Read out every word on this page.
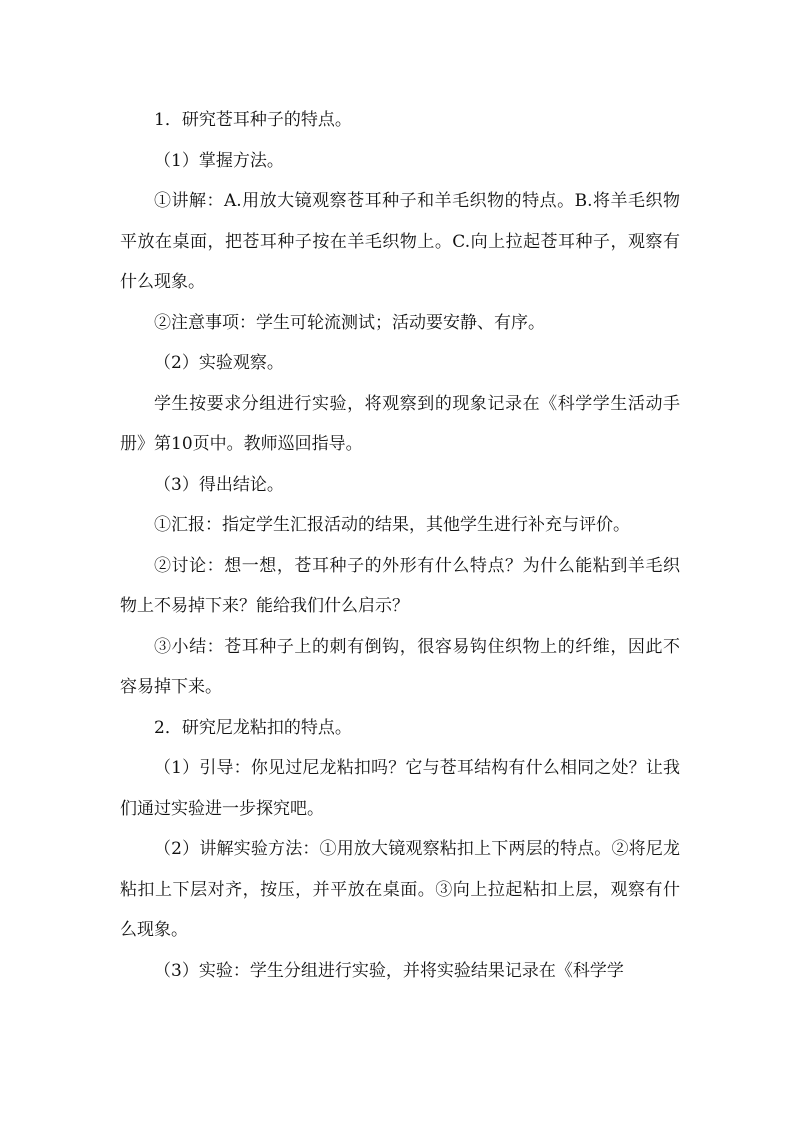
1．研究苍耳种子的特点。

（1）掌握方法。

①讲解：A.用放大镜观察苍耳种子和羊毛织物的特点。B.将羊毛织物平放在桌面，把苍耳种子按在羊毛织物上。C.向上拉起苍耳种子，观察有什么现象。

②注意事项：学生可轮流测试；活动要安静、有序。

（2）实验观察。

学生按要求分组进行实验，将观察到的现象记录在《科学学生活动手册》第10页中。教师巡回指导。

（3）得出结论。

①汇报：指定学生汇报活动的结果，其他学生进行补充与评价。

②讨论：想一想，苍耳种子的外形有什么特点？为什么能粘到羊毛织物上不易掉下来？能给我们什么启示？

③小结：苍耳种子上的刺有倒钩，很容易钩住织物上的纤维，因此不容易掉下来。

2．研究尼龙粘扣的特点。

（1）引导：你见过尼龙粘扣吗？它与苍耳结构有什么相同之处？让我们通过实验进一步探究吧。

（2）讲解实验方法：①用放大镜观察粘扣上下两层的特点。②将尼龙粘扣上下层对齐，按压，并平放在桌面。③向上拉起粘扣上层，观察有什么现象。

（3）实验：学生分组进行实验，并将实验结果记录在《科学学
